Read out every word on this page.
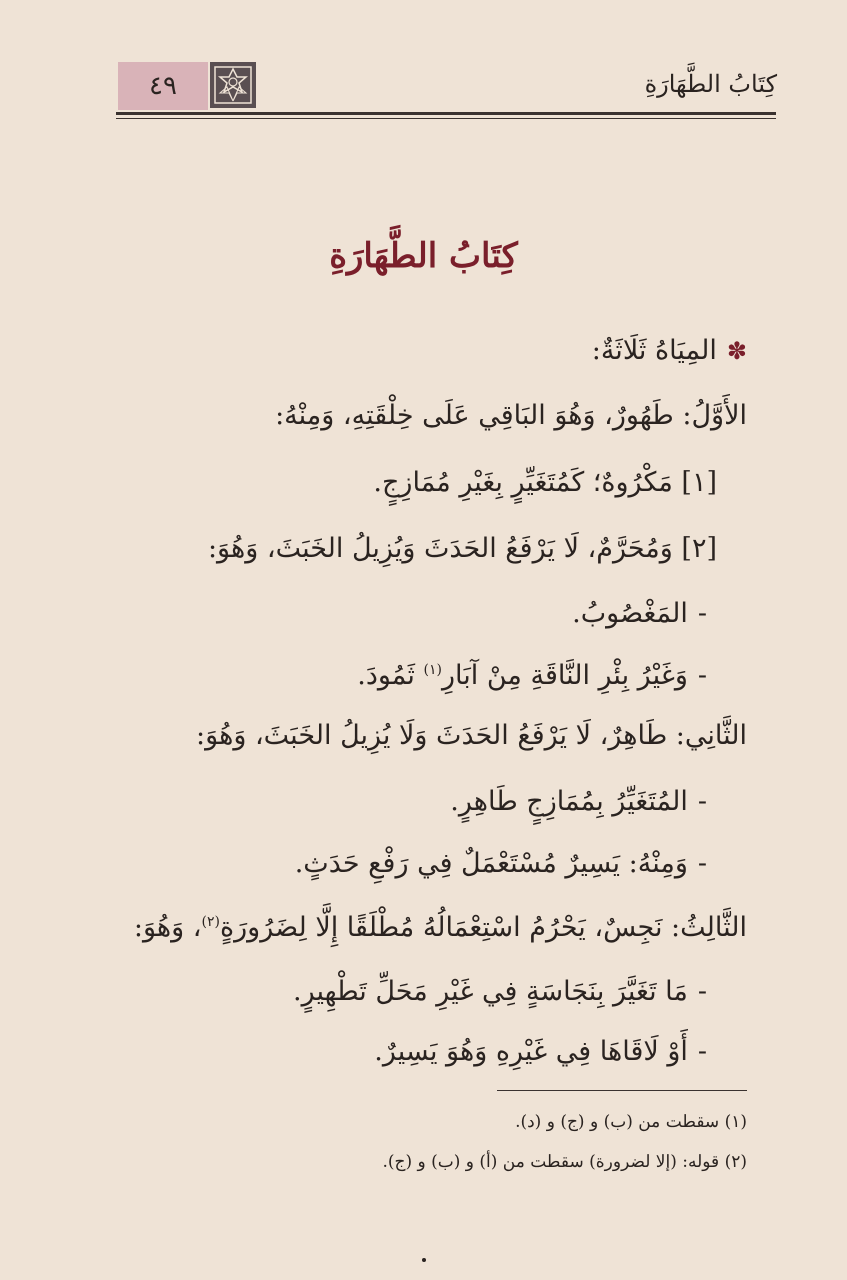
٤٩	كِتَابُ الطَّهَارَةِ
كِتَابُ الطَّهَارَةِ
✽المِيَاهُ ثَلَاثَةٌ:
الأَوَّلُ: طَهُورٌ، وَهُوَ البَاقِي عَلَى خِلْقَتِهِ، وَمِنْهُ:
[١] مَكْرُوهٌ؛ كَمُتَغَيِّرٍ بِغَيْرِ مُمَازِجٍ.
[٢] وَمُحَرَّمٌ، لَا يَرْفَعُ الحَدَثَ وَيُزِيلُ الخَبَثَ، وَهُوَ:
-المَغْصُوبُ.
-وَغَيْرُ بِئْرِ النَّاقَةِ مِنْ آبَارِ$^{(١)}$ ثَمُودَ.
الثَّانِي: طَاهِرٌ، لَا يَرْفَعُ الحَدَثَ وَلَا يُزِيلُ الخَبَثَ، وَهُوَ:
-المُتَغَيِّرُ بِمُمَازِجٍ طَاهِرٍ.
-وَمِنْهُ: يَسِيرٌ مُسْتَعْمَلٌ فِي رَفْعِ حَدَثٍ.
الثَّالِثُ: نَجِسٌ، يَحْرُمُ اسْتِعْمَالُهُ مُطْلَقًا إِلَّا لِضَرُورَةٍ$^{(٢)}$، وَهُوَ:
-مَا تَغَيَّرَ بِنَجَاسَةٍ فِي غَيْرِ مَحَلِّ تَطْهِيرٍ.
-أَوْ لَاقَاهَا فِي غَيْرِهِ وَهُوَ يَسِيرٌ.
(١) سقطت من (ب) و (ج) و (د).
(٢) قوله: (إلا لضرورة) سقطت من (أ) و (ب) و (ج).
